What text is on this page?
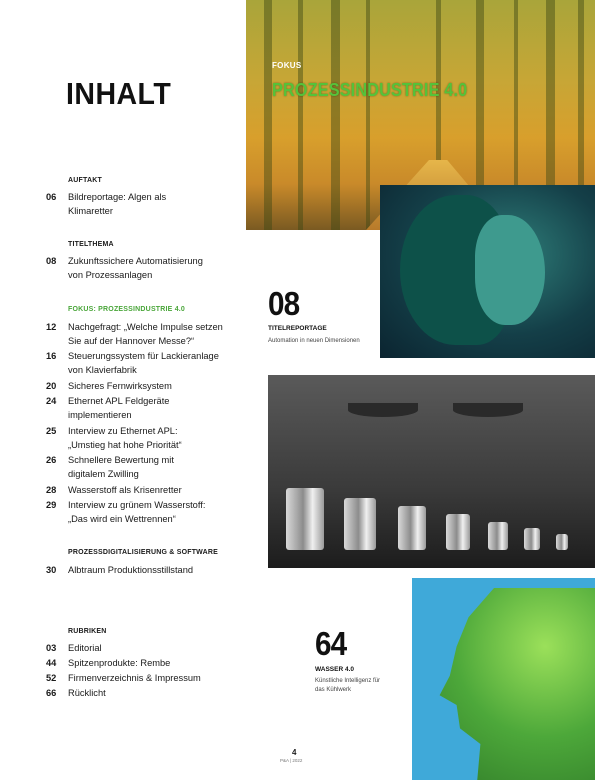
INHALT
AUFTAKT
TITELTHEMA
FOKUS: PROZESSINDUSTRIE 4.0
PROZESSDIGITALISIERUNG & SOFTWARE
RUBRIKEN
06	Bildreportage: Algen als
Klimaretter
08	Zukunftssichere Automatisierung
von Prozessanlagen
12	Nachgefragt: „Welche Impulse setzen
Sie auf der Hannover Messe?“
16	Steuerungssystem für Lackieranlage
von Klavierfabrik
20	Sicheres Fernwirksystem
24	Ethernet APL Feldgeräte
implementieren
25	Interview zu Ethernet APL:
„Umstieg hat hohe Priorität“
26	Schnellere Bewertung mit
digitalem Zwilling
28	Wasserstoff als Krisenretter
29	Interview zu grünem Wasserstoff:
„Das wird ein Wettrennen“
30	Albtraum Produktionsstillstand
03	Editorial
44	Spitzenprodukte: Rembe
52	Firmenverzeichnis & Impressum
66	Rücklicht
FOKUS
PROZESSINDUSTRIE 4.0
08
TITELREPORTAGE
Automation in neuen Dimensionen
64
WASSER 4.0
Künstliche Intelligenz für
das Kühlwerk
4
P&A | 2022
